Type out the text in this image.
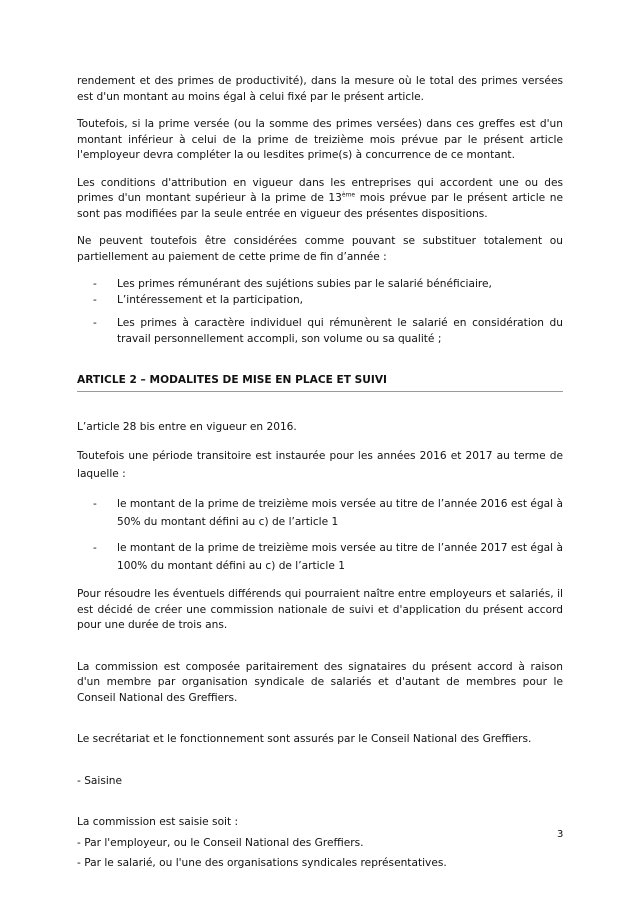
rendement et des primes de productivité), dans la mesure où le total des primes versées est d'un montant au moins égal à celui fixé par le présent article.

Toutefois, si la prime versée (ou la somme des primes versées) dans ces greffes est d'un montant inférieur à celui de la prime de treizième mois prévue par le présent article l'employeur devra compléter la ou lesdites prime(s) à concurrence de ce montant.

Les conditions d'attribution en vigueur dans les entreprises qui accordent une ou des primes d'un montant supérieur à la prime de 13ème mois prévue par le présent article ne sont pas modifiées par la seule entrée en vigueur des présentes dispositions.

Ne peuvent toutefois être considérées comme pouvant se substituer totalement ou partiellement au paiement de cette prime de fin d’année :

- Les primes rémunérant des sujétions subies par le salarié bénéficiaire,
- L’intéressement et la participation,
- Les primes à caractère individuel qui rémunèrent le salarié en considération du travail personnellement accompli, son volume ou sa qualité ;
ARTICLE 2 – MODALITES DE MISE EN PLACE ET SUIVI

L’article 28 bis entre en vigueur en 2016.

Toutefois une période transitoire est instaurée pour les années 2016 et 2017 au terme de laquelle :

- le montant de la prime de treizième mois versée au titre de l’année 2016 est égal à 50% du montant défini au c) de l’article 1
- le montant de la prime de treizième mois versée au titre de l’année 2017 est égal à 100% du montant défini au c) de l’article 1

Pour résoudre les éventuels différends qui pourraient naître entre employeurs et salariés, il est décidé de créer une commission nationale de suivi et d'application du présent accord pour une durée de trois ans.

La commission est composée paritairement des signataires du présent accord à raison d'un membre par organisation syndicale de salariés et d'autant de membres pour le Conseil National des Greffiers.

Le secrétariat et le fonctionnement sont assurés par le Conseil National des Greffiers.

- Saisine

La commission est saisie soit :

- Par l'employeur, ou le Conseil National des Greffiers.

- Par le salarié, ou l'une des organisations syndicales représentatives.

3
